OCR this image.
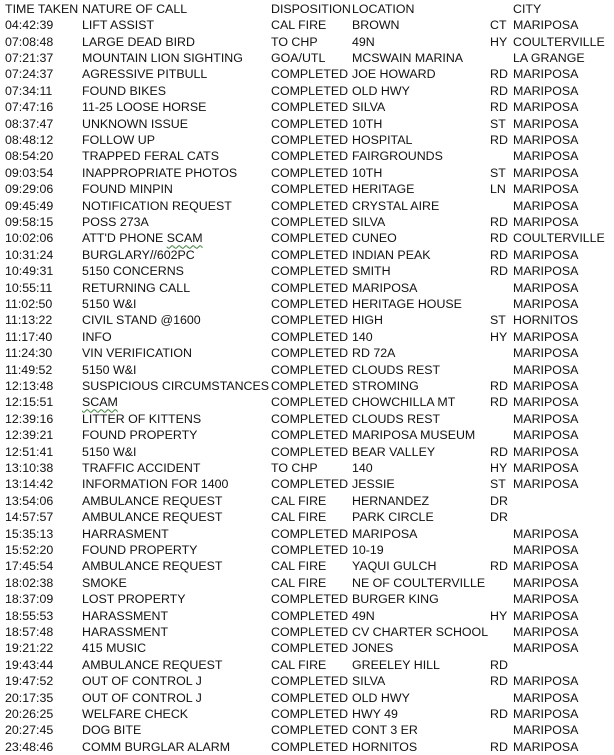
TIME TAKEN NATURE OF CALL	DISPOSITION LOCATION	CITY
04:42:39 LIFT ASSIST	CAL FIRE BROWN	CT MARIPOSA
07:08:48 LARGE DEAD BIRD	TO CHP	49N	HY COULTERVILLE
07:21:37 MOUNTAIN LION SIGHTING GOA/UTL MCSWAIN MARINA	LA GRANGE
07:24:37 AGRESSIVE PITBULL	COMPLETED JOE HOWARD	RD MARIPOSA
07:34:11 FOUND BIKES	COMPLETED OLD HWY	RD MARIPOSA
07:47:16 11-25 LOOSE HORSE	COMPLETED SILVA	RD MARIPOSA
08:37:47 UNKNOWN ISSUE	COMPLETED 10TH	ST MARIPOSA
08:48:12 FOLLOW UP	COMPLETED HOSPITAL	RD MARIPOSA
08:54:20 TRAPPED FERAL CATS	COMPLETED FAIRGROUNDS	MARIPOSA
09:03:54 INAPPROPRIATE PHOTOS	COMPLETED 10TH	ST MARIPOSA
09:29:06 FOUND MINPIN	COMPLETED HERITAGE	LN MARIPOSA
09:45:49 NOTIFICATION REQUEST	COMPLETED CRYSTAL AIRE	MARIPOSA
09:58:15 POSS 273A	COMPLETED SILVA	RD MARIPOSA
10:02:06 ATT'D PHONE SCAM	COMPLETED CUNEO	RD COULTERVILLE
10:31:24 BURGLARY//602PC	COMPLETED INDIAN PEAK	RD MARIPOSA
10:49:31 5150 CONCERNS	COMPLETED SMITH	RD MARIPOSA
10:55:11 RETURNING CALL	COMPLETED MARIPOSA	MARIPOSA
11:02:50 5150 W&I	COMPLETED HERITAGE HOUSE	MARIPOSA
11:13:22 CIVIL STAND @1600	COMPLETED HIGH	ST HORNITOS
11:17:40 INFO	COMPLETED 140	HY MARIPOSA
11:24:30 VIN VERIFICATION	COMPLETED RD 72A	MARIPOSA
11:49:52 5150 W&I	COMPLETED CLOUDS REST	MARIPOSA
12:13:48 SUSPICIOUS CIRCUMSTANCES COMPLETED STROMING	RD MARIPOSA
12:15:51 SCAM	COMPLETED CHOWCHILLA MT	RD MARIPOSA
12:39:16 LITTER OF KITTENS	COMPLETED CLOUDS REST	MARIPOSA
12:39:21 FOUND PROPERTY	COMPLETED MARIPOSA MUSEUM	MARIPOSA
12:51:41 5150 W&I	COMPLETED BEAR VALLEY	RD MARIPOSA
13:10:38 TRAFFIC ACCIDENT	TO CHP	140	HY MARIPOSA
13:14:42 INFORMATION FOR 1400	COMPLETED JESSIE	ST MARIPOSA
13:54:06 AMBULANCE REQUEST	CAL FIRE HERNANDEZ	DR
14:57:57 AMBULANCE REQUEST	CAL FIRE PARK CIRCLE	DR
15:35:13 HARRASMENT	COMPLETED MARIPOSA	MARIPOSA
15:52:20 FOUND PROPERTY	COMPLETED 10-19	MARIPOSA
17:45:54 AMBULANCE REQUEST	CAL FIRE YAQUI GULCH	RD MARIPOSA
18:02:38 SMOKE	CAL FIRE NE OF COULTERVILLE MARIPOSA
18:37:09 LOST PROPERTY	COMPLETED BURGER KING	MARIPOSA
18:55:53 HARASSMENT	COMPLETED 49N	HY MARIPOSA
18:57:48 HARASSMENT	COMPLETED CV CHARTER SCHOOL MARIPOSA
19:21:22 415 MUSIC	COMPLETED JONES	MARIPOSA
19:43:44 AMBULANCE REQUEST	CAL FIRE GREELEY HILL	RD
19:47:52 OUT OF CONTROL J	COMPLETED SILVA	RD MARIPOSA
20:17:35 OUT OF CONTROL J	COMPLETED OLD HWY	MARIPOSA
20:26:25 WELFARE CHECK	COMPLETED HWY 49	RD MARIPOSA
20:27:45 DOG BITE	COMPLETED CONT 3 ER	MARIPOSA
23:48:46 COMM BURGLAR ALARM	COMPLETED HORNITOS	RD MARIPOSA
